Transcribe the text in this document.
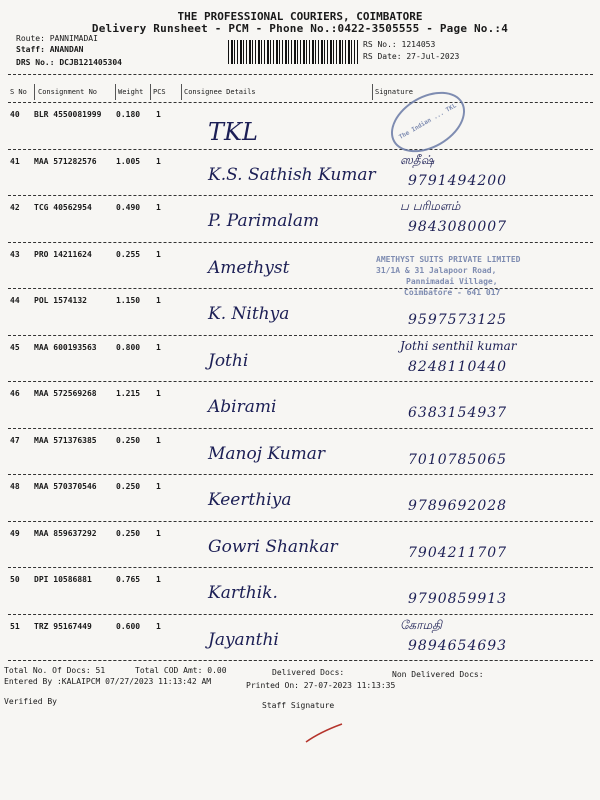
THE PROFESSIONAL COURIERS, COIMBATORE
Delivery Runsheet - PCM - Phone No.:0422-3505555 - Page No.:4
Route: PANNIMADAI
Staff: ANANDAN
DRS No.: DCJB121405304
RS No.: 1214053
RS Date: 27-Jul-2023
S No Consignment No	Weight PCS	Consignee Details	Signature
40 BLR 4550081999 0.180 1
TKL
41 MAA 571282576 1.005 1
K.S. Sathish Kumar
ஸதீஷ்
9791494200
42 TCG 40562954	0.490 1
P. Parimalam
ப பரிமளம்
9843080007
43 PRO 14211624	0.255 1
Amethyst
44 POL 1574132	1.150 1
K. Nithya	9597573125
45 MAA 600193563 0.800 1
Jothi
Jothi senthil kumar
8248110440
46 MAA 572569268 1.215 1
Abirami	6383154937
47 MAA 571376385 0.250 1
Manoj Kumar	7010785065
48 MAA 570370546 0.250 1
Keerthiya	9789692028
49 MAA 859637292 0.250 1
Gowri Shankar	7904211707
50 DPI 10586881	0.765 1
Karthik.	9790859913
51 TRZ 95167449	0.600 1
Jayanthi
கோமதி
9894654693
The Indian ... TKL
AMETHYST SUITS PRIVATE LIMITED
31/1A & 31 Jalapoor Road,
Pannimadai Village,
Coimbatore - 641 017
Total No. Of Docs: 51	Total COD Amt: 0.00	Delivered Docs:	Non Delivered Docs:
Entered By :KALAIPCM 07/27/2023 11:13:42 AM	Printed On: 27-07-2023 11:13:35
Verified By	Staff Signature
